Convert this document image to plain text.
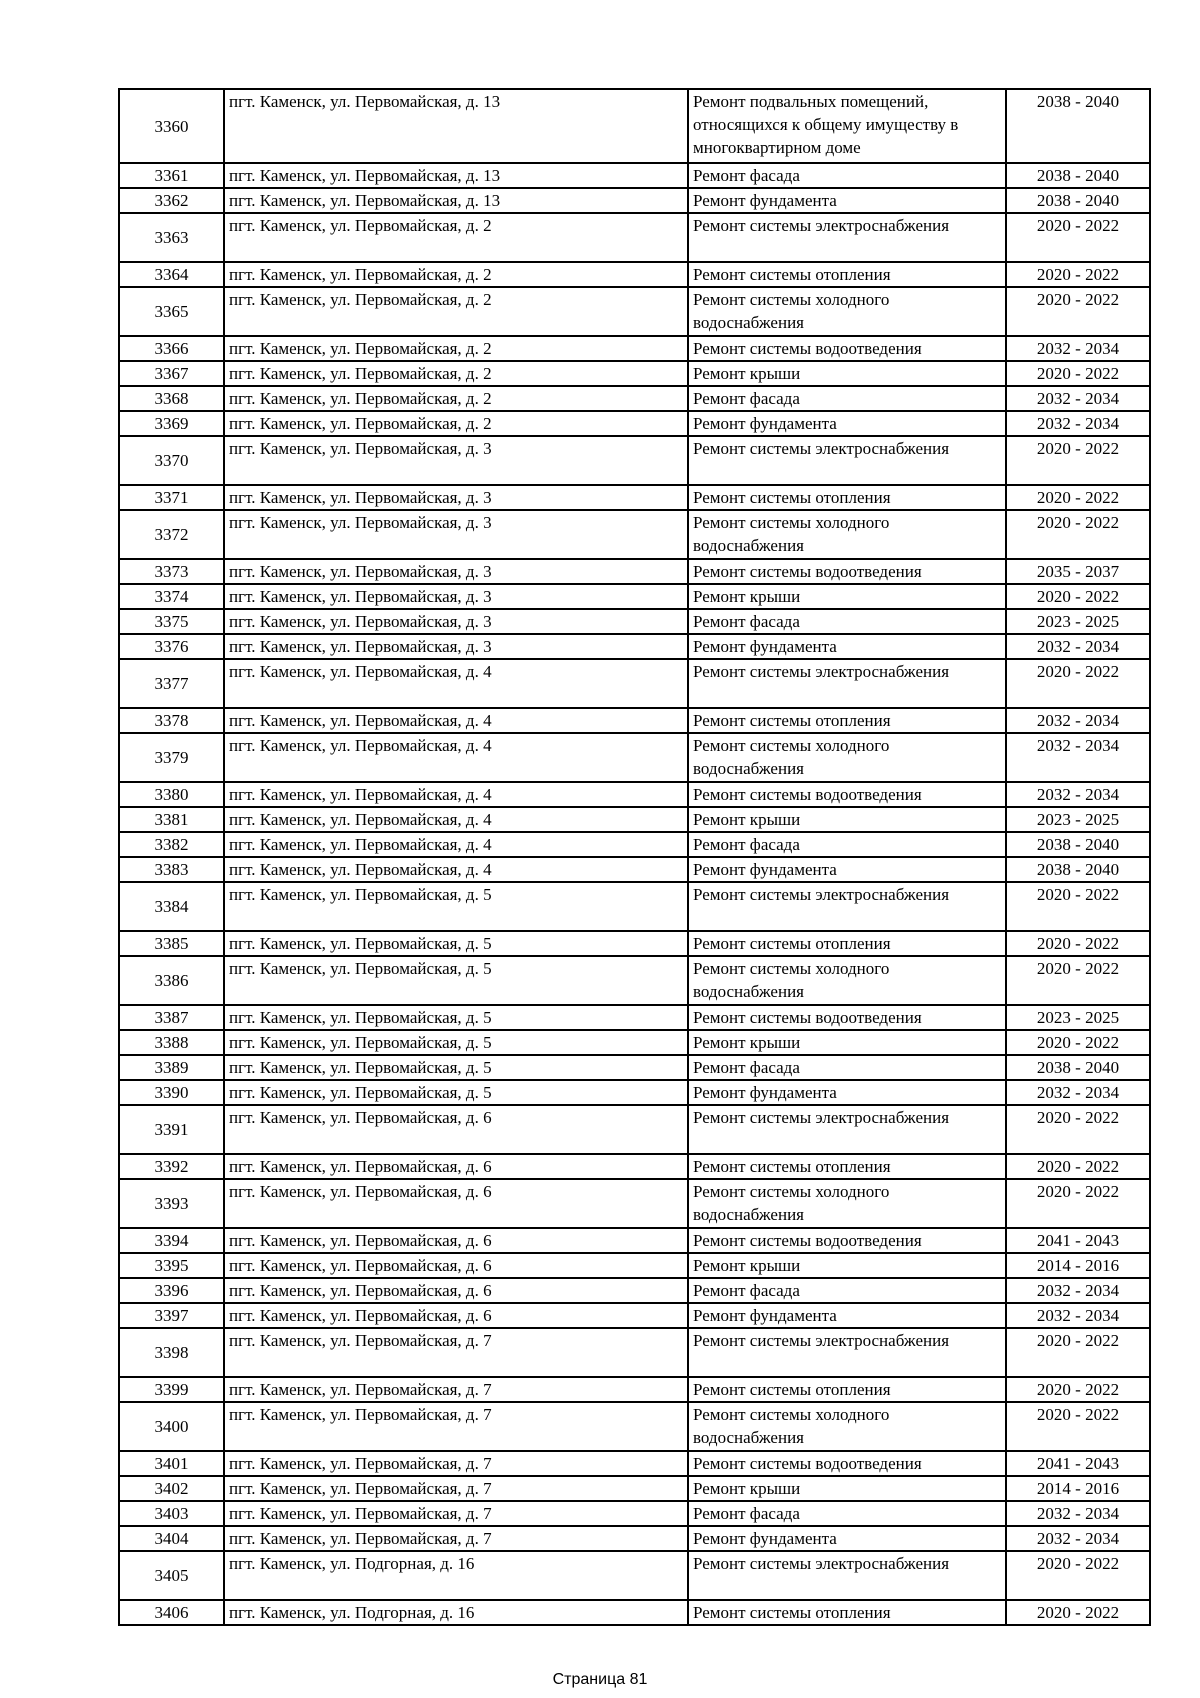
3360	пгт. Каменск, ул. Первомайская, д. 13	Ремонт подвальных помещений, относящихся к общему имуществу в многоквартирном доме	2038 - 2040
3361	пгт. Каменск, ул. Первомайская, д. 13	Ремонт фасада	2038 - 2040
3362	пгт. Каменск, ул. Первомайская, д. 13	Ремонт фундамента	2038 - 2040
3363	пгт. Каменск, ул. Первомайская, д. 2	Ремонт системы электроснабжения	2020 - 2022
3364	пгт. Каменск, ул. Первомайская, д. 2	Ремонт системы отопления	2020 - 2022
3365	пгт. Каменск, ул. Первомайская, д. 2	Ремонт системы холодного водоснабжения	2020 - 2022
3366	пгт. Каменск, ул. Первомайская, д. 2	Ремонт системы водоотведения	2032 - 2034
3367	пгт. Каменск, ул. Первомайская, д. 2	Ремонт крыши	2020 - 2022
3368	пгт. Каменск, ул. Первомайская, д. 2	Ремонт фасада	2032 - 2034
3369	пгт. Каменск, ул. Первомайская, д. 2	Ремонт фундамента	2032 - 2034
3370	пгт. Каменск, ул. Первомайская, д. 3	Ремонт системы электроснабжения	2020 - 2022
3371	пгт. Каменск, ул. Первомайская, д. 3	Ремонт системы отопления	2020 - 2022
3372	пгт. Каменск, ул. Первомайская, д. 3	Ремонт системы холодного водоснабжения	2020 - 2022
3373	пгт. Каменск, ул. Первомайская, д. 3	Ремонт системы водоотведения	2035 - 2037
3374	пгт. Каменск, ул. Первомайская, д. 3	Ремонт крыши	2020 - 2022
3375	пгт. Каменск, ул. Первомайская, д. 3	Ремонт фасада	2023 - 2025
3376	пгт. Каменск, ул. Первомайская, д. 3	Ремонт фундамента	2032 - 2034
3377	пгт. Каменск, ул. Первомайская, д. 4	Ремонт системы электроснабжения	2020 - 2022
3378	пгт. Каменск, ул. Первомайская, д. 4	Ремонт системы отопления	2032 - 2034
3379	пгт. Каменск, ул. Первомайская, д. 4	Ремонт системы холодного водоснабжения	2032 - 2034
3380	пгт. Каменск, ул. Первомайская, д. 4	Ремонт системы водоотведения	2032 - 2034
3381	пгт. Каменск, ул. Первомайская, д. 4	Ремонт крыши	2023 - 2025
3382	пгт. Каменск, ул. Первомайская, д. 4	Ремонт фасада	2038 - 2040
3383	пгт. Каменск, ул. Первомайская, д. 4	Ремонт фундамента	2038 - 2040
3384	пгт. Каменск, ул. Первомайская, д. 5	Ремонт системы электроснабжения	2020 - 2022
3385	пгт. Каменск, ул. Первомайская, д. 5	Ремонт системы отопления	2020 - 2022
3386	пгт. Каменск, ул. Первомайская, д. 5	Ремонт системы холодного водоснабжения	2020 - 2022
3387	пгт. Каменск, ул. Первомайская, д. 5	Ремонт системы водоотведения	2023 - 2025
3388	пгт. Каменск, ул. Первомайская, д. 5	Ремонт крыши	2020 - 2022
3389	пгт. Каменск, ул. Первомайская, д. 5	Ремонт фасада	2038 - 2040
3390	пгт. Каменск, ул. Первомайская, д. 5	Ремонт фундамента	2032 - 2034
3391	пгт. Каменск, ул. Первомайская, д. 6	Ремонт системы электроснабжения	2020 - 2022
3392	пгт. Каменск, ул. Первомайская, д. 6	Ремонт системы отопления	2020 - 2022
3393	пгт. Каменск, ул. Первомайская, д. 6	Ремонт системы холодного водоснабжения	2020 - 2022
3394	пгт. Каменск, ул. Первомайская, д. 6	Ремонт системы водоотведения	2041 - 2043
3395	пгт. Каменск, ул. Первомайская, д. 6	Ремонт крыши	2014 - 2016
3396	пгт. Каменск, ул. Первомайская, д. 6	Ремонт фасада	2032 - 2034
3397	пгт. Каменск, ул. Первомайская, д. 6	Ремонт фундамента	2032 - 2034
3398	пгт. Каменск, ул. Первомайская, д. 7	Ремонт системы электроснабжения	2020 - 2022
3399	пгт. Каменск, ул. Первомайская, д. 7	Ремонт системы отопления	2020 - 2022
3400	пгт. Каменск, ул. Первомайская, д. 7	Ремонт системы холодного водоснабжения	2020 - 2022
3401	пгт. Каменск, ул. Первомайская, д. 7	Ремонт системы водоотведения	2041 - 2043
3402	пгт. Каменск, ул. Первомайская, д. 7	Ремонт крыши	2014 - 2016
3403	пгт. Каменск, ул. Первомайская, д. 7	Ремонт фасада	2032 - 2034
3404	пгт. Каменск, ул. Первомайская, д. 7	Ремонт фундамента	2032 - 2034
3405	пгт. Каменск, ул. Подгорная, д. 16	Ремонт системы электроснабжения	2020 - 2022
3406	пгт. Каменск, ул. Подгорная, д. 16	Ремонт системы отопления	2020 - 2022
Страница 81
